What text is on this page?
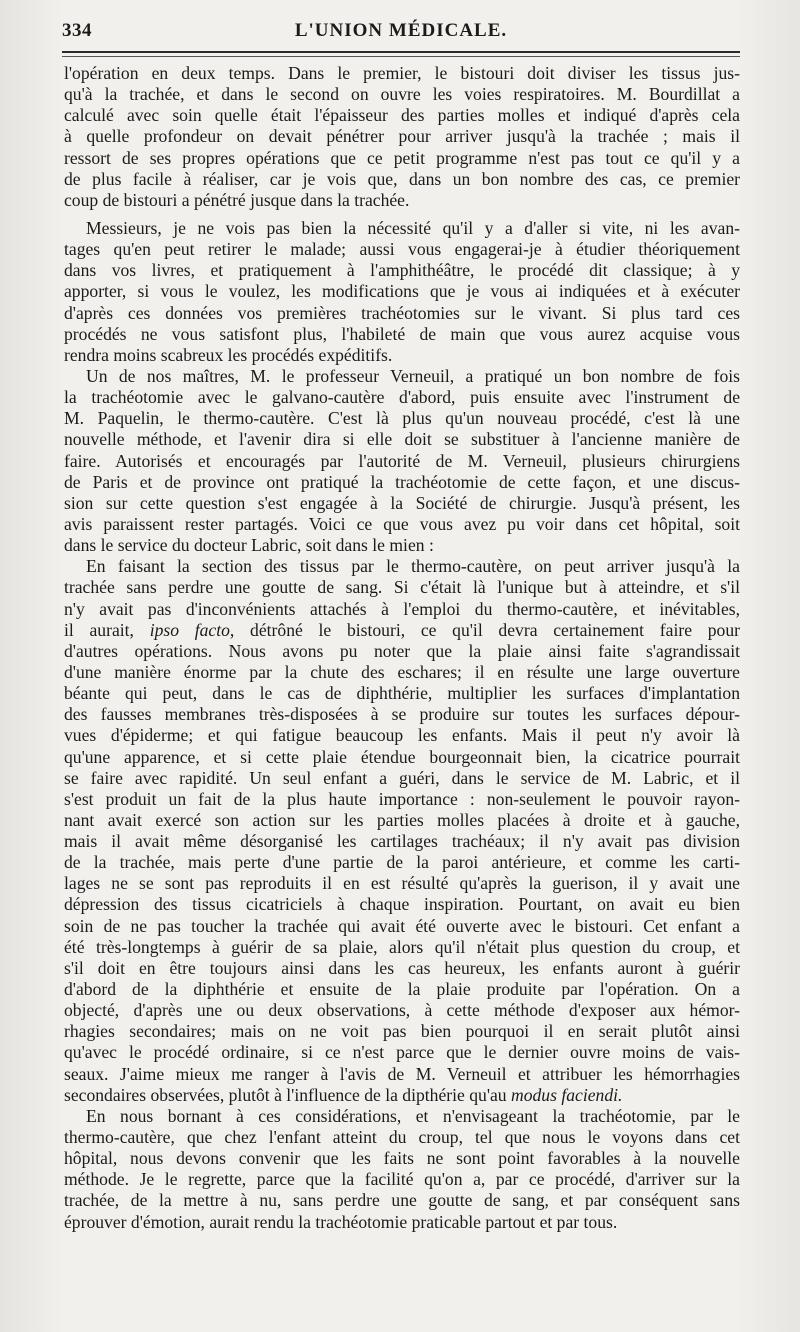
334	L'UNION MÉDICALE.
l'opération en deux temps. Dans le premier, le bistouri doit diviser les tissus jus-
qu'à la trachée, et dans le second on ouvre les voies respiratoires. M. Bourdillat a
calculé avec soin quelle était l'épaisseur des parties molles et indiqué d'après cela
à quelle profondeur on devait pénétrer pour arriver jusqu'à la trachée ; mais il
ressort de ses propres opérations que ce petit programme n'est pas tout ce qu'il y a
de plus facile à réaliser, car je vois que, dans un bon nombre des cas, ce premier
coup de bistouri a pénétré jusque dans la trachée.
Messieurs, je ne vois pas bien la nécessité qu'il y a d'aller si vite, ni les avan-
tages qu'en peut retirer le malade; aussi vous engagerai-je à étudier théoriquement
dans vos livres, et pratiquement à l'amphithéâtre, le procédé dit classique; à y
apporter, si vous le voulez, les modifications que je vous ai indiquées et à exécuter
d'après ces données vos premières trachéotomies sur le vivant. Si plus tard ces
procédés ne vous satisfont plus, l'habileté de main que vous aurez acquise vous
rendra moins scabreux les procédés expéditifs.
Un de nos maîtres, M. le professeur Verneuil, a pratiqué un bon nombre de fois
la trachéotomie avec le galvano-cautère d'abord, puis ensuite avec l'instrument de
M. Paquelin, le thermo-cautère. C'est là plus qu'un nouveau procédé, c'est là une
nouvelle méthode, et l'avenir dira si elle doit se substituer à l'ancienne manière de
faire. Autorisés et encouragés par l'autorité de M. Verneuil, plusieurs chirurgiens
de Paris et de province ont pratiqué la trachéotomie de cette façon, et une discus-
sion sur cette question s'est engagée à la Société de chirurgie. Jusqu'à présent, les
avis paraissent rester partagés. Voici ce que vous avez pu voir dans cet hôpital, soit
dans le service du docteur Labric, soit dans le mien :
En faisant la section des tissus par le thermo-cautère, on peut arriver jusqu'à la
trachée sans perdre une goutte de sang. Si c'était là l'unique but à atteindre, et s'il
n'y avait pas d'inconvénients attachés à l'emploi du thermo-cautère, et inévitables,
il aurait, ipso facto, détrôné le bistouri, ce qu'il devra certainement faire pour
d'autres opérations. Nous avons pu noter que la plaie ainsi faite s'agrandissait
d'une manière énorme par la chute des eschares; il en résulte une large ouverture
béante qui peut, dans le cas de diphthérie, multiplier les surfaces d'implantation
des fausses membranes très-disposées à se produire sur toutes les surfaces dépour-
vues d'épiderme; et qui fatigue beaucoup les enfants. Mais il peut n'y avoir là
qu'une apparence, et si cette plaie étendue bourgeonnait bien, la cicatrice pourrait
se faire avec rapidité. Un seul enfant a guéri, dans le service de M. Labric, et il
s'est produit un fait de la plus haute importance : non-seulement le pouvoir rayon-
nant avait exercé son action sur les parties molles placées à droite et à gauche,
mais il avait même désorganisé les cartilages trachéaux; il n'y avait pas division
de la trachée, mais perte d'une partie de la paroi antérieure, et comme les carti-
lages ne se sont pas reproduits il en est résulté qu'après la guerison, il y avait une
dépression des tissus cicatriciels à chaque inspiration. Pourtant, on avait eu bien
soin de ne pas toucher la trachée qui avait été ouverte avec le bistouri. Cet enfant a
été très-longtemps à guérir de sa plaie, alors qu'il n'était plus question du croup, et
s'il doit en être toujours ainsi dans les cas heureux, les enfants auront à guérir
d'abord de la diphthérie et ensuite de la plaie produite par l'opération. On a
objecté, d'après une ou deux observations, à cette méthode d'exposer aux hémor-
rhagies secondaires; mais on ne voit pas bien pourquoi il en serait plutôt ainsi
qu'avec le procédé ordinaire, si ce n'est parce que le dernier ouvre moins de vais-
seaux. J'aime mieux me ranger à l'avis de M. Verneuil et attribuer les hémorrhagies
secondaires observées, plutôt à l'influence de la dipthérie qu'au modus faciendi.
En nous bornant à ces considérations, et n'envisageant la trachéotomie, par le
thermo-cautère, que chez l'enfant atteint du croup, tel que nous le voyons dans cet
hôpital, nous devons convenir que les faits ne sont point favorables à la nouvelle
méthode. Je le regrette, parce que la facilité qu'on a, par ce procédé, d'arriver sur la
trachée, de la mettre à nu, sans perdre une goutte de sang, et par conséquent sans
éprouver d'émotion, aurait rendu la trachéotomie praticable partout et par tous.
